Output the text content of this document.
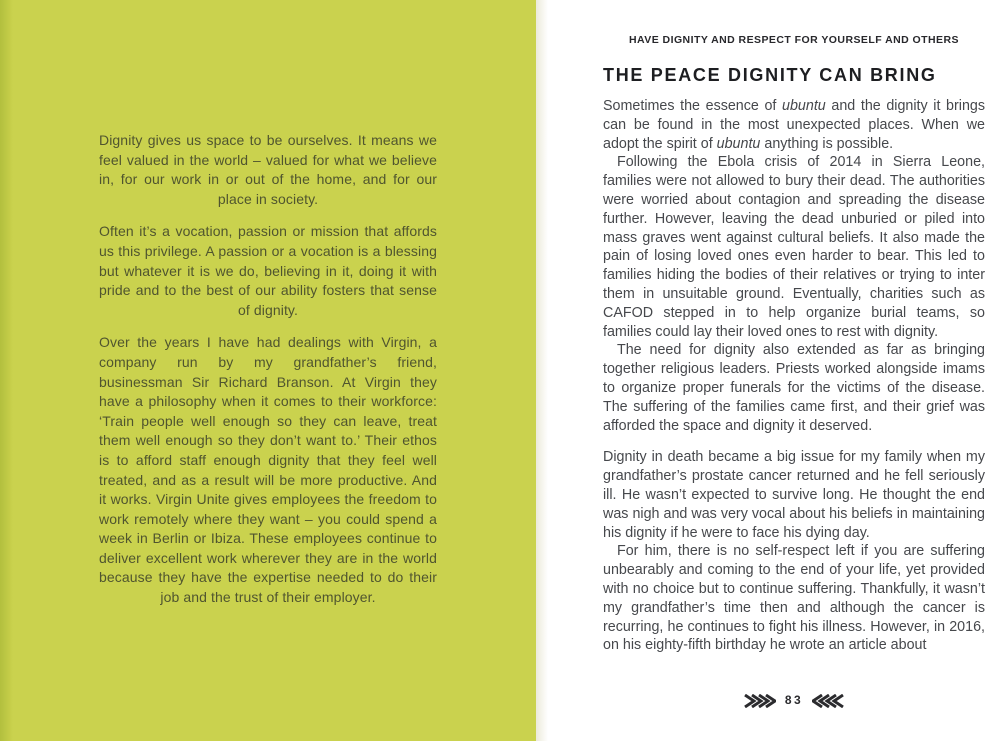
Dignity gives us space to be ourselves. It means we feel valued in the world – valued for what we believe in, for our work in or out of the home, and for our place in society.

Often it’s a vocation, passion or mission that affords us this privilege. A passion or a vocation is a blessing but whatever it is we do, believing in it, doing it with pride and to the best of our ability fosters that sense of dignity.

Over the years I have had dealings with Virgin, a company run by my grandfather’s friend, businessman Sir Richard Branson. At Virgin they have a philosophy when it comes to their workforce: ‘Train people well enough so they can leave, treat them well enough so they don’t want to.’ Their ethos is to afford staff enough dignity that they feel well treated, and as a result will be more productive. And it works. Virgin Unite gives employees the freedom to work remotely where they want – you could spend a week in Berlin or Ibiza. These employees continue to deliver excellent work wherever they are in the world because they have the expertise needed to do their job and the trust of their employer.

HAVE DIGNITY AND RESPECT FOR YOURSELF AND OTHERS
THE PEACE DIGNITY CAN BRING

Sometimes the essence of ubuntu and the dignity it brings can be found in the most unexpected places. When we adopt the spirit of ubuntu anything is possible.

Following the Ebola crisis of 2014 in Sierra Leone, families were not allowed to bury their dead. The authorities were worried about contagion and spreading the disease further. However, leaving the dead unburied or piled into mass graves went against cultural beliefs. It also made the pain of losing loved ones even harder to bear. This led to families hiding the bodies of their relatives or trying to inter them in unsuitable ground. Eventually, charities such as CAFOD stepped in to help organize burial teams, so families could lay their loved ones to rest with dignity.

The need for dignity also extended as far as bringing together religious leaders. Priests worked alongside imams to organize proper funerals for the victims of the disease. The suffering of the families came first, and their grief was afforded the space and dignity it deserved.

Dignity in death became a big issue for my family when my grandfather’s prostate cancer returned and he fell seriously ill. He wasn’t expected to survive long. He thought the end was nigh and was very vocal about his beliefs in maintaining his dignity if he were to face his dying day.

For him, there is no self-respect left if you are suffering unbearably and coming to the end of your life, yet provided with no choice but to continue suffering. Thankfully, it wasn’t my grandfather’s time then and although the cancer is recurring, he continues to fight his illness. However, in 2016, on his eighty-fifth birthday he wrote an article about

83
